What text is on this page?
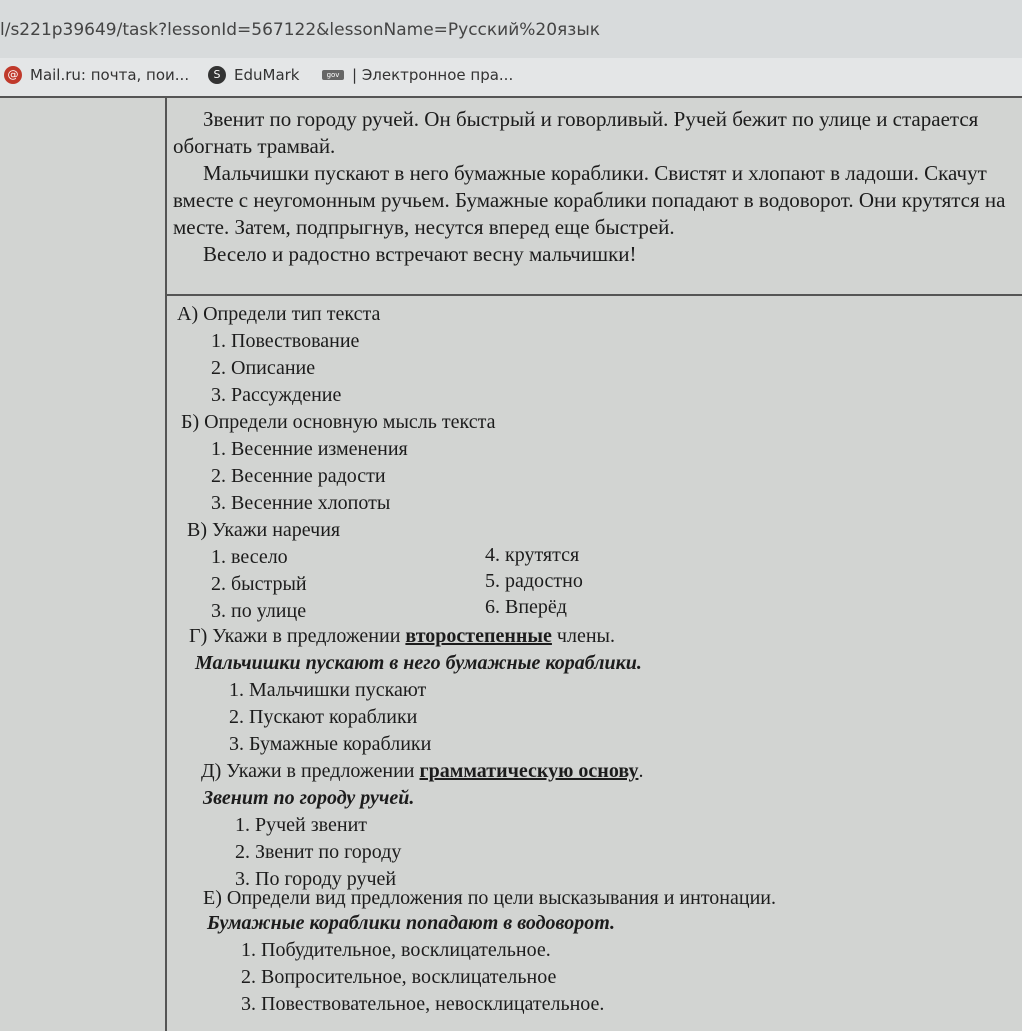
l/s221p39649/task?lessonId=567122&lessonName=Русский%20язык
@ Mail.ru: почта, пои...	S EduMark	gov | Электронное пра...

Звенит по городу ручей. Он быстрый и говорливый. Ручей бежит по улице и старается обогнать трамвай.

Мальчишки пускают в него бумажные кораблики. Свистят и хлопают в ладоши. Скачут вместе с неугомонным ручьем. Бумажные кораблики попадают в водоворот. Они крутятся на месте. Затем, подпрыгнув, несутся вперед еще быстрей.

Весело и радостно встречают весну мальчишки!

А) Определи тип текста
1. Повествование
2. Описание
3. Рассуждение
Б) Определи основную мысль текста
1. Весенние изменения
2. Весенние радости
3. Весенние хлопоты
В) Укажи наречия
1. весело
2. быстрый
3. по улице
4. крутятся
5. радостно
6. Вперёд
Г) Укажи в предложении второстепенные члены.
Мальчишки пускают в него бумажные кораблики.
1. Мальчишки пускают
2. Пускают кораблики
3. Бумажные кораблики
Д) Укажи в предложении грамматическую основу.
Звенит по городу ручей.
1. Ручей звенит
2. Звенит по городу
3. По городу ручей
Е) Определи вид предложения по цели высказывания и интонации.
Бумажные кораблики попадают в водоворот.
1. Побудительное, восклицательное.
2. Вопросительное, восклицательное
3. Повествовательное, невосклицательное.
